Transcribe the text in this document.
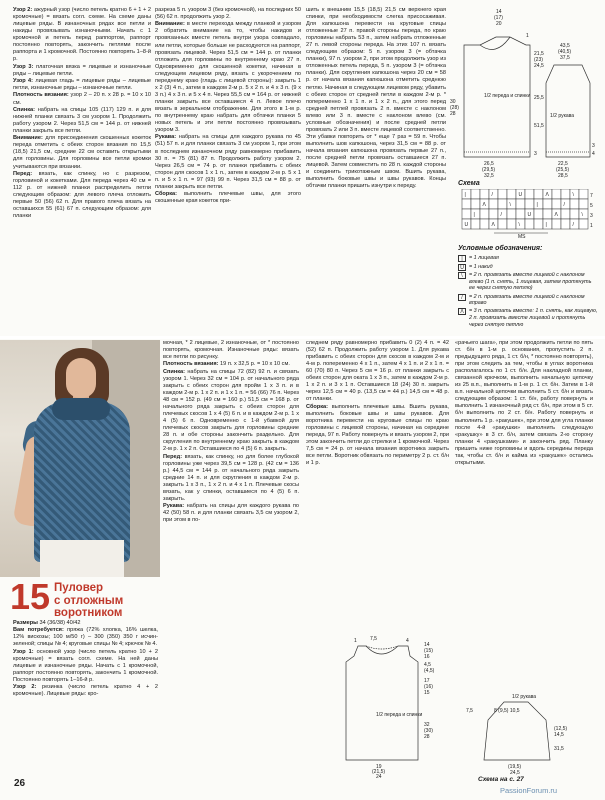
Узор 2: ажурный узор (число петель кратно 6 + 1 + 2 кромочные) = вязать согл. схеме. На схеме даны лицевые ряды. В изнаночных рядах все петли и накиды провязывать изнаночными. Начать с 1 кромочной и петель перед раппортом, раппорт постоянно повторять, закончить петлями после раппорта и 1 кромочной. Постоянно повторять 1–8-й р.

Узор 3: платочная вязка = лицевые и изнаночные ряды – лицевые петли.

Узор 4: лицевая гладь = лицевые ряды – лицевые петли, изнаночные ряды – изнаночные петли.

Плотность вязания: узор 2 – 20 п. х 28 р. = 10 х 10 см.

Спинка: набрать на спицы 105 (117) 129 п. и для нижней планки связать 3 см узором 1. Продолжить работу узором 2. Через 51,5 см = 144 р. от нижней планки закрыть все петли.

Внимание: для присоединения скошенных кокеток переда отметить с обеих сторон вязания по 15,5 (18,5) 21,5 см, средние 22 см оставить открытыми для горловины. Для горловины все петли кромки учитываются при вязании.

Перед: вязать, как спинку, но с разрезом, горловиной и кокетками. Для переда через 40 см = 112 р. от нижней планки распределить петли следующим образом: для левого плеча отложить первые 50 (56) 62 п. Для правого плеча вязать на оставшихся 55 (61) 67 п. следующим образом: для планки

разреза 5 п. узором 3 (без кромочной), на последних 50 (56) 62 п. продолжить узор 2.

Внимание: в месте перехода между планкой и узором 2 обратить внимание на то, чтобы накидов и провязанных вместе петель внутри узора совпадало, или петли, которые больше не расходуются на раппорт, провязать лицевой. Через 51,5 см = 144 р. от планки отложить для горловины по внутреннему краю 27 п. Одновременно для скошенной кокетки, начиная в следующем лицевом ряду, вязать с укорочением по переднему краю (гладь с лицевой стороны): закрыть 1 х 2 (3) 4 п., затем в каждом 2-м р. 5 х 2 п. и 4 х 3 п. (9 х 3 п.) 4 х 3 п. и 5 х 4 п. Через 55,5 см = 164 р. от нижней планки закрыть все оставшиеся 4 п. Левое плечо вязать в зеркальном отображении. Для этого в 1-м р. по внутреннему краю набрать для обтачки планки 5 новых петель и эти петли постоянно провязывать узором 3.

Рукава: набрать на спицы для каждого рукава по 45 (51) 57 п. и для планки связать 3 см узором 1, при этом в последнем изнаночном ряду равномерно прибавить 30 п. = 75 (81) 87 п. Продолжить работу узором 2. Через 26,5 см = 74 р. от планки прибавить с обеих сторон для скосов 1 х 1 п., затем в каждом 2-м р. 5 х 1 п. и 5 х 1 п. = 97 (93) 99 п. Через 31,5 см = 88 р. от планки закрыть все петли.

Сборка: выполнить плечевые швы, для этого скошенные края кокеток при-

шить к внешним 15,5 (18,5) 21,5 см верхнего края спинки, при необходимости слегка присосаживая. Для капюшона перевести на круговые спицы отложенные 27 п. правой стороны переда, по краю горловины набрать 53 п., затем набрать отложенные 27 п. левой стороны переда. На этих 107 п. вязать следующим образом: 5 п. узором 3 (= обтачка планки), 97 п. узором 2, при этом продолжить узор из отложенных петель переда, 5 п. узором 3 (= обтачка планки). Для скругления капюшона через 20 см = 58 р. от начала вязания капюшона отметить среднюю петлю. Начиная в следующем лицевом ряду, убавить с обеих сторон от средней петли в каждом 2-м р. * попеременно 1 х 1 п. и 1 х 2 п., для этого перед средней петлей провязать 2 п. вместе с наклоном влево или 3 п. вместе с наклоном влево (см. условные обозначения) и после средней петли провязать 2 или 3 п. вместе лицевой соответственно. Эти убавки повторить от * еще 7 раз = 59 п. Чтобы выполнить шов капюшона, через 31,5 см = 88 р. от начала вязания капюшона провязать первые 27 п., после средней петли провязать оставшиеся 27 п. лицевой. Затем совместить по 28 п. каждой стороны и соединить трикотажным швом. Вшить рукава, выполнить боковые швы и швы рукавов. Концы обтачки планки пришить изнутри к переду.

1/2 переда и спинки
1/2 рукава
14
(17)
20
1
21,5
(23)
24,5
25,5
30
(28)
28
51,5
26,5
(29,5)
32,5
3	4
37,5
(40,5)
43,5
22,5
(25,5)
28,5
3
Схема
|	/	U	Λ	\
Λ	\	|	/
|	/	U	Λ	\
U	Λ	\	|	/
7
5
3
1
MS
Условные обозначения:
|	= 1 лицевая
U = 1 накид
\	= 2 п. провязать вместе лицевой с наклоном влево (1 п. снять, 1 лицевая, затем протянуть ее через снятую петлю)
/	= 2 п. провязать вместе лицевой с наклоном вправо
Λ = 3 п. провязать вместе: 1 п. снять, как лицевую, 2 п. провязать вместе лицевой и протянуть через снятую петлю
15 Пуловер
с отложным
воротником

Размеры 34 (36/38) 40/42

Вам потребуется: пряжа (72% хлопка, 16% шелка, 12% вискозы; 100 м/50 г) – 300 (350) 350 г исчин-зеленой; спицы № 4; круговые спицы № 4; крючок № 4.

Узор 1: основной узор (число петель кратно 10 + 2 кромочные) = вязать согл. схеме. На ней даны лицевые и изнаночные ряды. Начать с 1 кромочной, раппорт постоянно повторять, закончить 1 кромочной. Постоянно повторять 1–16-й р.

Узор 2: резинка (число петель кратно 4 + 2 кромочные). Лицевые ряды: кро-

мочная, * 2 лицевые, 2 изнаночные, от * постоянно повторять, кромочная. Изнаночные ряды: вязать все петли по рисунку.

Плотность вязания: 19 п. х 32,5 р. = 10 х 10 см.

Спинка: набрать на спицы 72 (82) 92 п. и связать узором 1. Через 32 см = 104 р. от начального ряда закрыть с обеих сторон для пройм 1 х 3 п. и в каждом 2-м р. 1 х 2 п. и 1 х 1 п. = 56 (66) 76 п. Через 48 см = 152 р. (49 см = 160 р.) 51,5 см = 168 р. от начального ряда закрыть с обеих сторон для плечевых скосов 1 х 4 (5) 6 п. и в каждом 2-м р. 1 х 4 (5) 6 п. Одновременно с 1-й убавкой для плечевых скосов закрыть для горловины средние 28 п. и обе стороны закончить раздельно. Для скругления по внутреннему краю закрыть в каждом 2-м р. 1 х 2 п. Оставшиеся по 4 (5) 6 п. закрыть.

Перед: вязать, как спинку, но для более глубокой горловины уже через 39,5 см = 128 р. (42 см = 136 р.) 44,5 см = 144 р. от начального ряда закрыть средние 14 п. и для скругления в каждом 2-м р. закрыть 1 х 3 п., 1 х 2 п. и 4 х 1 п. Плечевые скосы вязать, как у спинки, оставшиеся по 4 (5) 6 п. закрыть.

Рукава: набрать на спицы для каждого рукава по 42 (50) 58 п. и для планки связать 3,5 см узором 2, при этом в по-

следнем ряду равномерно прибавить 0 (2) 4 п. = 42 (52) 62 п. Продолжить работу узором 1. Для рукава прибавить с обеих сторон для скосов в каждом 2-м и 4-м р. попеременно 4 х 1 п., затем 4 х 1 п. и 2 х 1 п. = 60 (70) 80 п. Через 5 см = 16 р. от планки закрыть с обеих сторон для оката 1 х 3 п., затем в каждом 2-м р. 1 х 2 п. и 3 х 1 п. Оставшиеся 18 (24) 30 п. закрыть через 12,5 см = 40 р. (13,5 см = 44 р.) 14,5 см = 48 р. от планки.

Сборка: выполнить плечевые швы. Вшить рукава, выполнить боковые швы и швы рукавов. Для воротника перевести на круговые спицы по краю горловины с лицевой стороны, начиная на середине переда, 97 п. Работу повернуть и вязать узором 2, при этом закончить петли до стрелки и 1 кромочной. Через 7,5 см = 24 р. от начала вязания воротника закрыть все петли. Воротник обвязать по периметру 2 р. ст. б/н и 1 р.

«рачьего шага», при этом продолжить петли по пять ст. б/н в 1-м р. основания, пропустить 2 п. предыдущего ряда, 1 ст. б/н, * постоянно повторять), при этом следить за тем, чтобы в углах воротника располагалось по 1 ст. б/н. Для накладной планки, связанной крючком, выполнить начальную цепочку из 25 в.п., выполнить в 1-м р. 1 ст. б/н. Затем в 1-й в.п. начальной цепочки выполнить 5 ст. б/н и вязать следующим образом: 1 ст. б/н, работу повернуть и выполнить 1 изнаночный ряд ст. б/н, при этом в 5 ст. б/н выполнить по 2 ст. б/н. Работу повернуть и выполнить 1 р. «ракушек», при этом для угла планки после 4-й «ракушки» выполнить следующую «ракушку» в 3 ст. б/н, затем связать 2-ю сторону планки 4 «ракушками» и закончить ряд. Планку пришить ниже горловины и вдоль середины переда так, чтобы ст. б/н и кайма из «ракушек» остались открытыми.

1/2 переда и спинки
1/2 рукава
1	7,5
14
(15)
16
4
4,5
(4,5)
17
(16)
15
32
(30)
28
19
(21,5)
24
7,5	8 (9,5) 10,5
(12,5)
14,5
(19,5)
24,5
31,5
Схема на с. 27
26
PassionForum.ru
